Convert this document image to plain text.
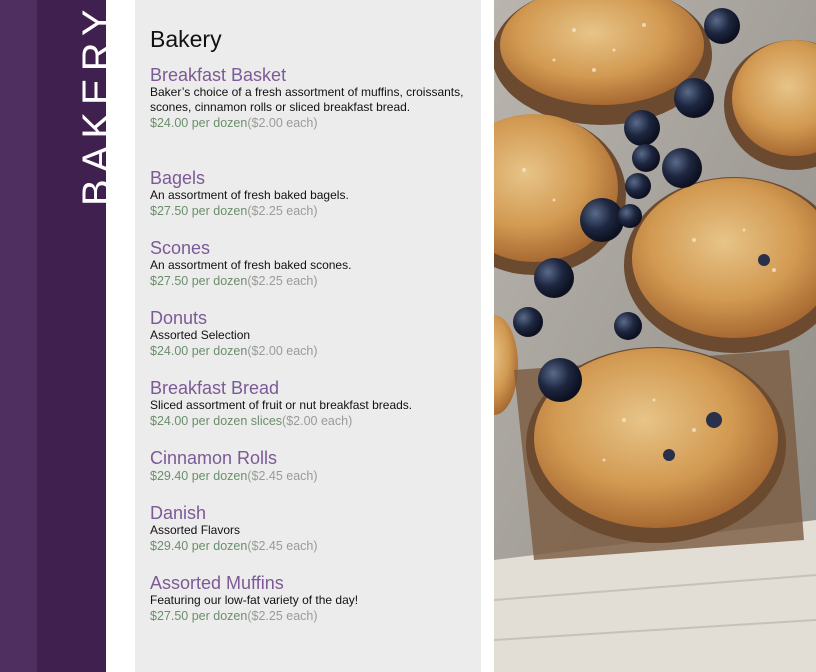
BAKERY Bakery

Breakfast Basket

Baker’s choice of a fresh assortment of muffins, croissants, scones, cinnamon rolls or sliced breakfast bread.

$24.00 per dozen($2.00 each)

Bagels

An assortment of fresh baked bagels.

$27.50 per dozen($2.25 each)

Scones

An assortment of fresh baked scones.

$27.50 per dozen($2.25 each)

Donuts

Assorted Selection

$24.00 per dozen($2.00 each)

Breakfast Bread

Sliced assortment of fruit or nut breakfast breads.

$24.00 per dozen slices($2.00 each)

Cinnamon Rolls

$29.40 per dozen($2.45 each)

Danish

Assorted Flavors

$29.40 per dozen($2.45 each)

Assorted Muffins

Featuring our low-fat variety of the day!

$27.50 per dozen($2.25 each)
